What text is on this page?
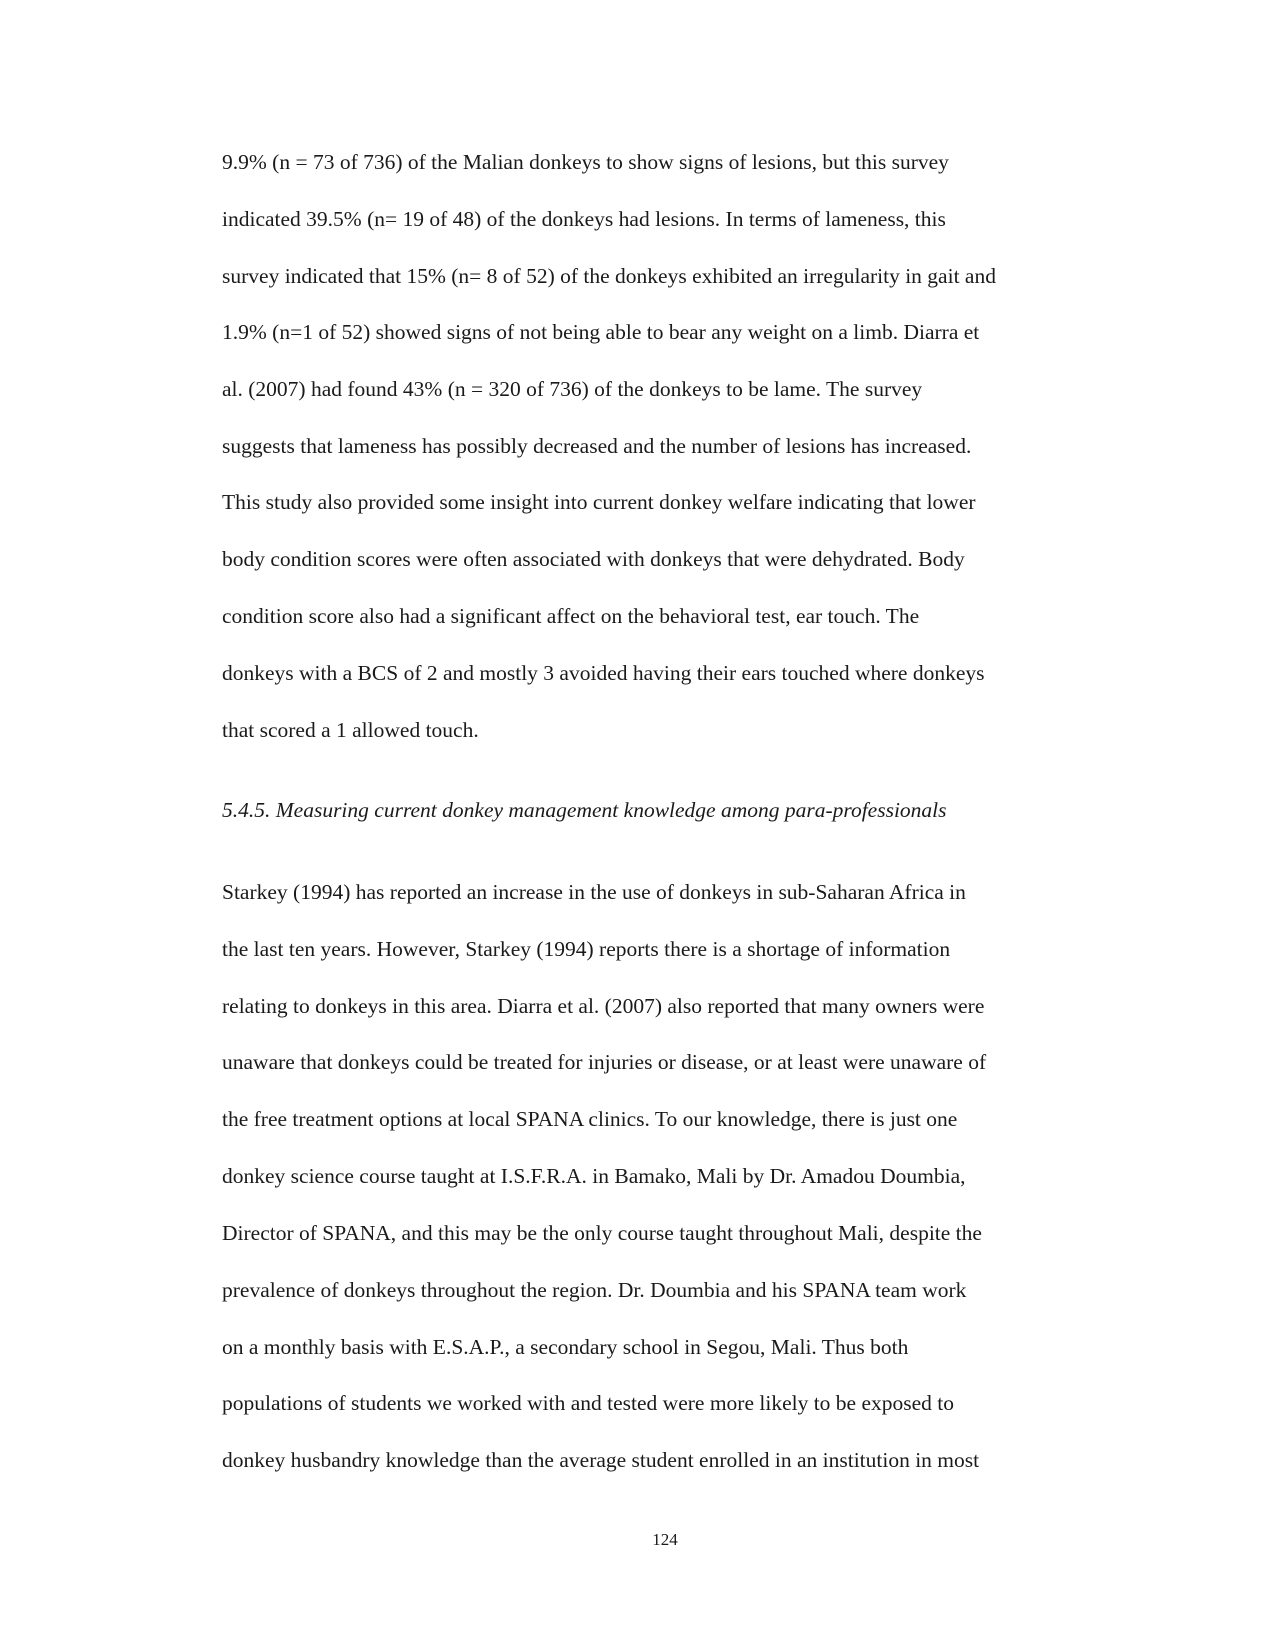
9.9% (n = 73 of 736) of the Malian donkeys to show signs of lesions, but this survey
indicated 39.5% (n= 19 of 48) of the donkeys had lesions. In terms of lameness, this
survey indicated that 15% (n= 8 of 52) of the donkeys exhibited an irregularity in gait and
1.9% (n=1 of 52) showed signs of not being able to bear any weight on a limb. Diarra et
al. (2007) had found 43% (n = 320 of 736) of the donkeys to be lame. The survey
suggests that lameness has possibly decreased and the number of lesions has increased.
This study also provided some insight into current donkey welfare indicating that lower
body condition scores were often associated with donkeys that were dehydrated. Body
condition score also had a significant affect on the behavioral test, ear touch. The
donkeys with a BCS of 2 and mostly 3 avoided having their ears touched where donkeys
that scored a 1 allowed touch.
5.4.5. Measuring current donkey management knowledge among para-professionals
Starkey (1994) has reported an increase in the use of donkeys in sub-Saharan Africa in
the last ten years. However, Starkey (1994) reports there is a shortage of information
relating to donkeys in this area. Diarra et al. (2007) also reported that many owners were
unaware that donkeys could be treated for injuries or disease, or at least were unaware of
the free treatment options at local SPANA clinics. To our knowledge, there is just one
donkey science course taught at I.S.F.R.A. in Bamako, Mali by Dr. Amadou Doumbia,
Director of SPANA, and this may be the only course taught throughout Mali, despite the
prevalence of donkeys throughout the region. Dr. Doumbia and his SPANA team work
on a monthly basis with E.S.A.P., a secondary school in Segou, Mali. Thus both
populations of students we worked with and tested were more likely to be exposed to
donkey husbandry knowledge than the average student enrolled in an institution in most
124
